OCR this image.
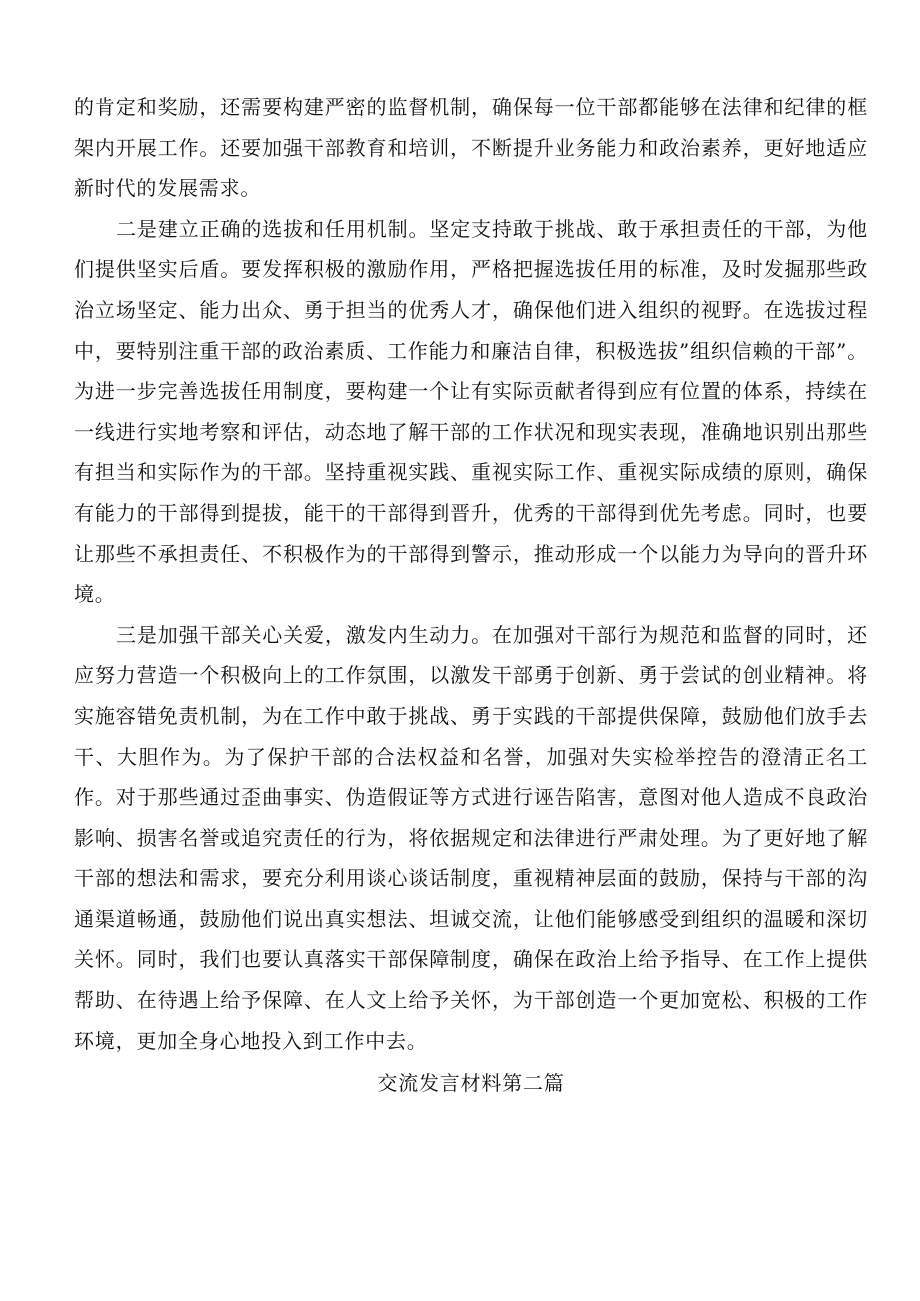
的肯定和奖励，还需要构建严密的监督机制，确保每一位干部都能够在法律和纪律的框架内开展工作。还要加强干部教育和培训，不断提升业务能力和政治素养，更好地适应新时代的发展需求。

二是建立正确的选拔和任用机制。坚定支持敢于挑战、敢于承担责任的干部，为他们提供坚实后盾。要发挥积极的激励作用，严格把握选拔任用的标准，及时发掘那些政治立场坚定、能力出众、勇于担当的优秀人才，确保他们进入组织的视野。在选拔过程中，要特别注重干部的政治素质、工作能力和廉洁自律，积极选拔”组织信赖的干部”。为进一步完善选拔任用制度，要构建一个让有实际贡献者得到应有位置的体系，持续在一线进行实地考察和评估，动态地了解干部的工作状况和现实表现，准确地识别出那些有担当和实际作为的干部。坚持重视实践、重视实际工作、重视实际成绩的原则，确保有能力的干部得到提拔，能干的干部得到晋升，优秀的干部得到优先考虑。同时，也要让那些不承担责任、不积极作为的干部得到警示，推动形成一个以能力为导向的晋升环境。

三是加强干部关心关爱，激发内生动力。在加强对干部行为规范和监督的同时，还应努力营造一个积极向上的工作氛围，以激发干部勇于创新、勇于尝试的创业精神。将实施容错免责机制，为在工作中敢于挑战、勇于实践的干部提供保障，鼓励他们放手去干、大胆作为。为了保护干部的合法权益和名誉，加强对失实检举控告的澄清正名工作。对于那些通过歪曲事实、伪造假证等方式进行诬告陷害，意图对他人造成不良政治影响、损害名誉或追究责任的行为，将依据规定和法律进行严肃处理。为了更好地了解干部的想法和需求，要充分利用谈心谈话制度，重视精神层面的鼓励，保持与干部的沟通渠道畅通，鼓励他们说出真实想法、坦诚交流，让他们能够感受到组织的温暖和深切关怀。同时，我们也要认真落实干部保障制度，确保在政治上给予指导、在工作上提供帮助、在待遇上给予保障、在人文上给予关怀，为干部创造一个更加宽松、积极的工作环境，更加全身心地投入到工作中去。

交流发言材料第二篇
